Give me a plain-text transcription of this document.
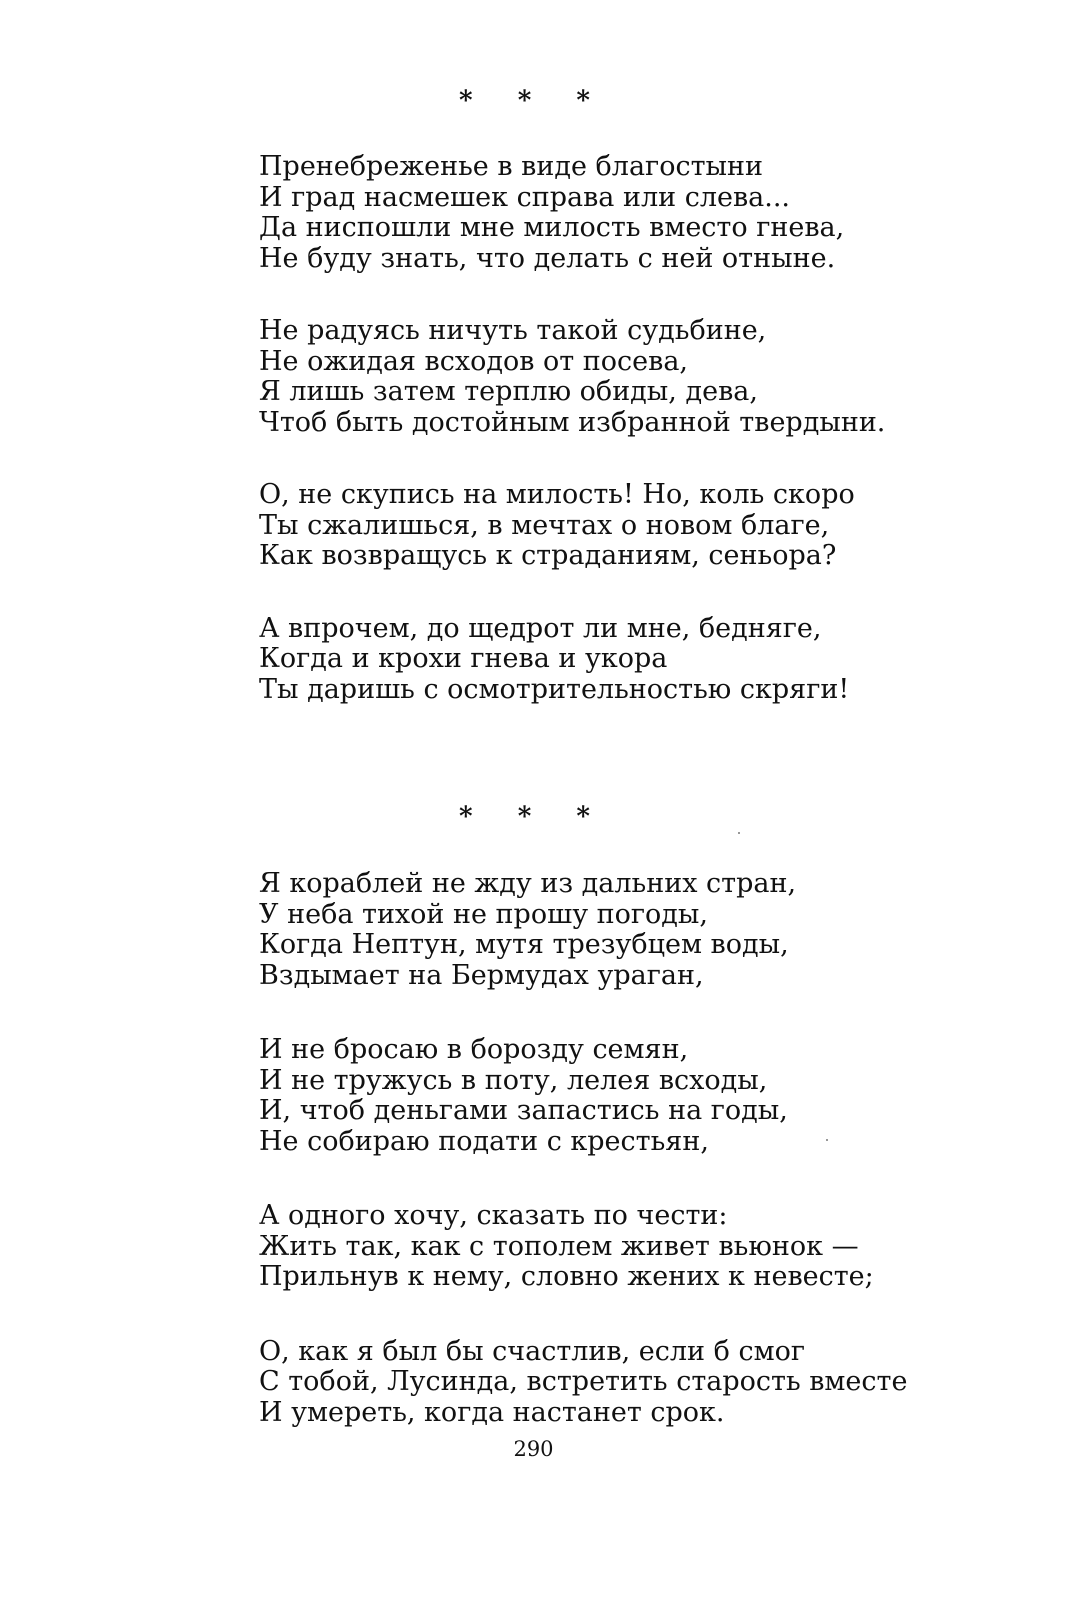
* * *
Пренебреженье в виде благостыни
И град насмешек справа или слева...
Да ниспошли мне милость вместо гнева,
Не буду знать, что делать с ней отныне.
Не радуясь ничуть такой судьбине,
Не ожидая всходов от посева,
Я лишь затем терплю обиды, дева,
Чтоб быть достойным избранной твердыни.
О, не скупись на милость! Но, коль скоро
Ты сжалишься, в мечтах о новом благе,
Как возвращусь к страданиям, сеньора?
А впрочем, до щедрот ли мне, бедняге,
Когда и крохи гнева и укора
Ты даришь с осмотрительностью скряги!
* * *
Я кораблей не жду из дальних стран,
У неба тихой не прошу погоды,
Когда Нептун, мутя трезубцем воды,
Вздымает на Бермудах ураган,
И не бросаю в борозду семян,
И не тружусь в поту, лелея всходы,
И, чтоб деньгами запастись на годы,
Не собираю подати с крестьян,
А одного хочу, сказать по чести:
Жить так, как с тополем живет вьюнок —
Прильнув к нему, словно жених к невесте;
О, как я был бы счастлив, если б смог
С тобой, Лусинда, встретить старость вместе
И умереть, когда настанет срок.
290
